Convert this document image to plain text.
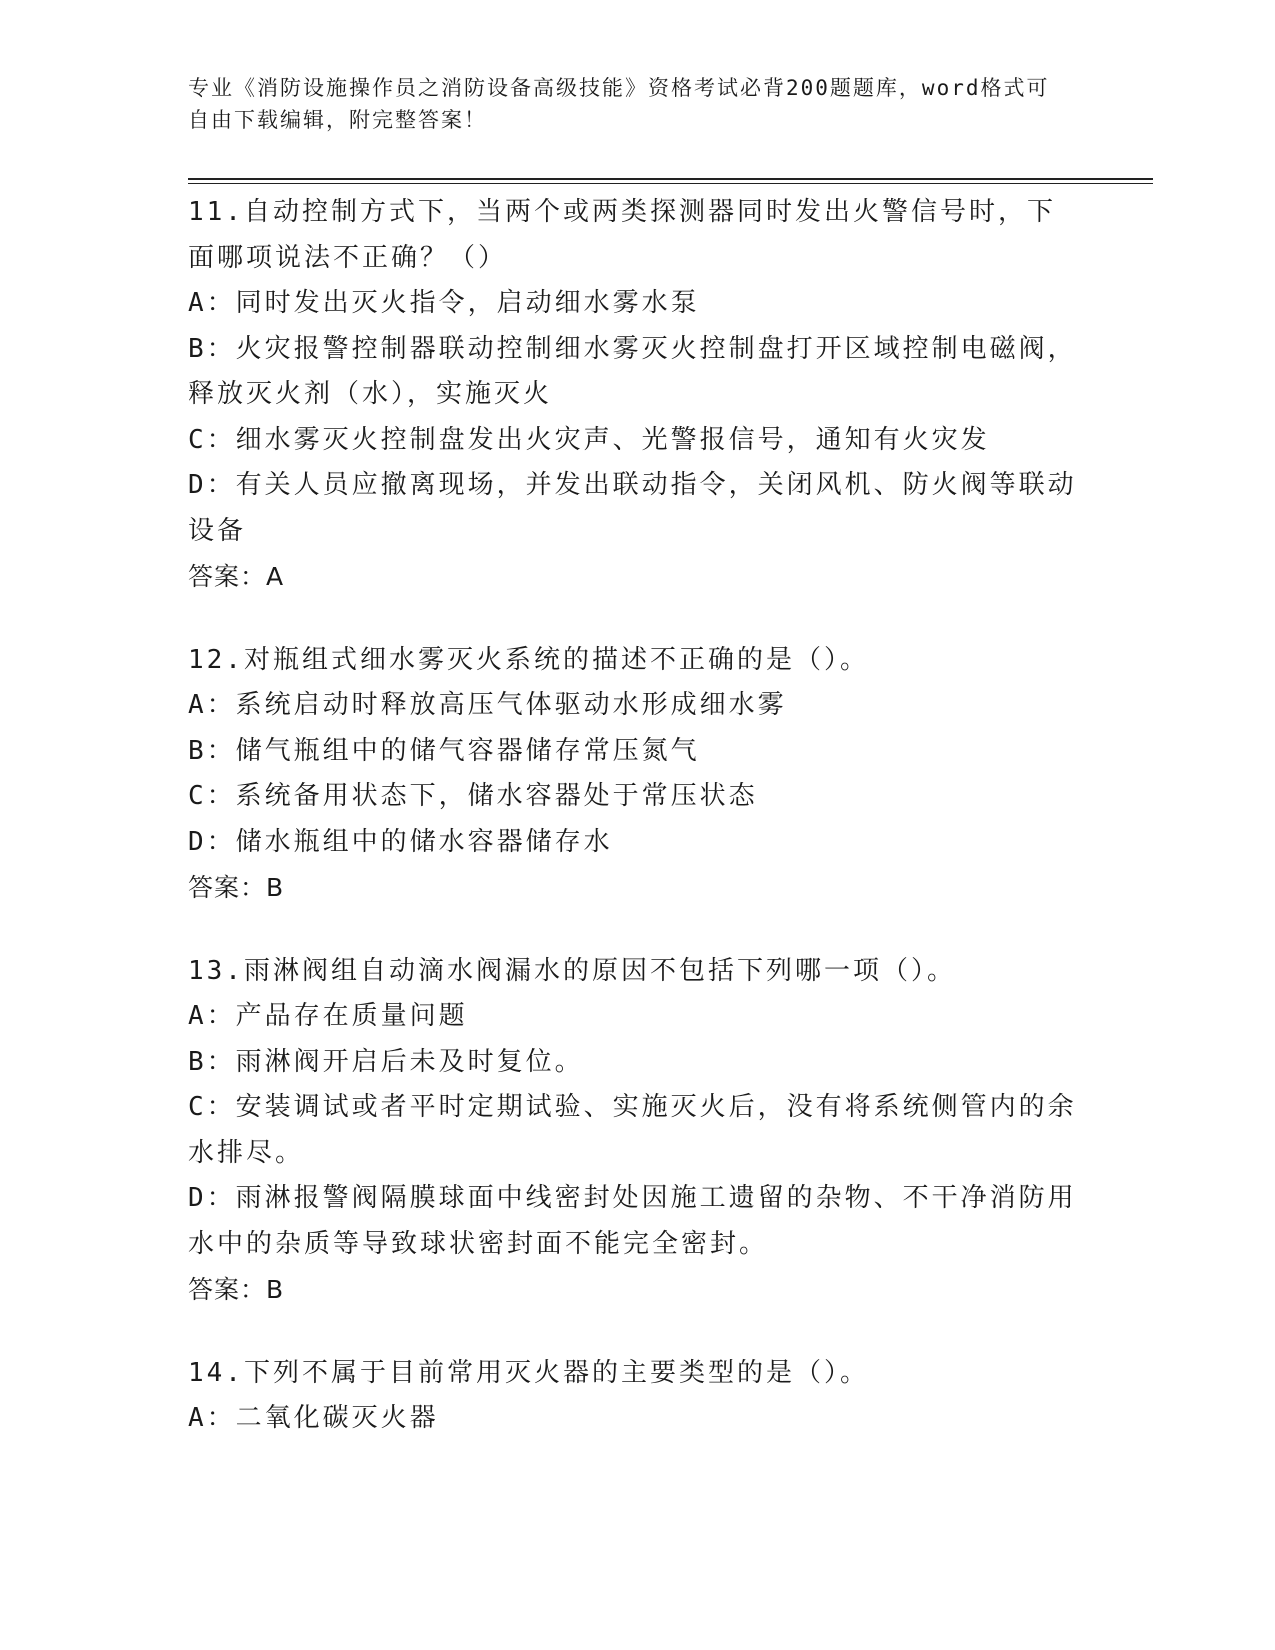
专业《消防设施操作员之消防设备高级技能》资格考试必背200题题库，word格式可自由下载编辑，附完整答案！
11.自动控制方式下，当两个或两类探测器同时发出火警信号时，下面哪项说法不正确？（）
A：同时发出灭火指令，启动细水雾水泵
B：火灾报警控制器联动控制细水雾灭火控制盘打开区域控制电磁阀，释放灭火剂（水），实施灭火
C：细水雾灭火控制盘发出火灾声、光警报信号，通知有火灾发
D：有关人员应撤离现场，并发出联动指令，关闭风机、防火阀等联动设备
答案：A
12.对瓶组式细水雾灭火系统的描述不正确的是（）。
A：系统启动时释放高压气体驱动水形成细水雾
B：储气瓶组中的储气容器储存常压氮气
C：系统备用状态下，储水容器处于常压状态
D：储水瓶组中的储水容器储存水
答案：B
13.雨淋阀组自动滴水阀漏水的原因不包括下列哪一项（）。
A：产品存在质量问题
B：雨淋阀开启后未及时复位。
C：安装调试或者平时定期试验、实施灭火后，没有将系统侧管内的余水排尽。
D：雨淋报警阀隔膜球面中线密封处因施工遗留的杂物、不干净消防用水中的杂质等导致球状密封面不能完全密封。
答案：B
14.下列不属于目前常用灭火器的主要类型的是（）。
A：二氧化碳灭火器
